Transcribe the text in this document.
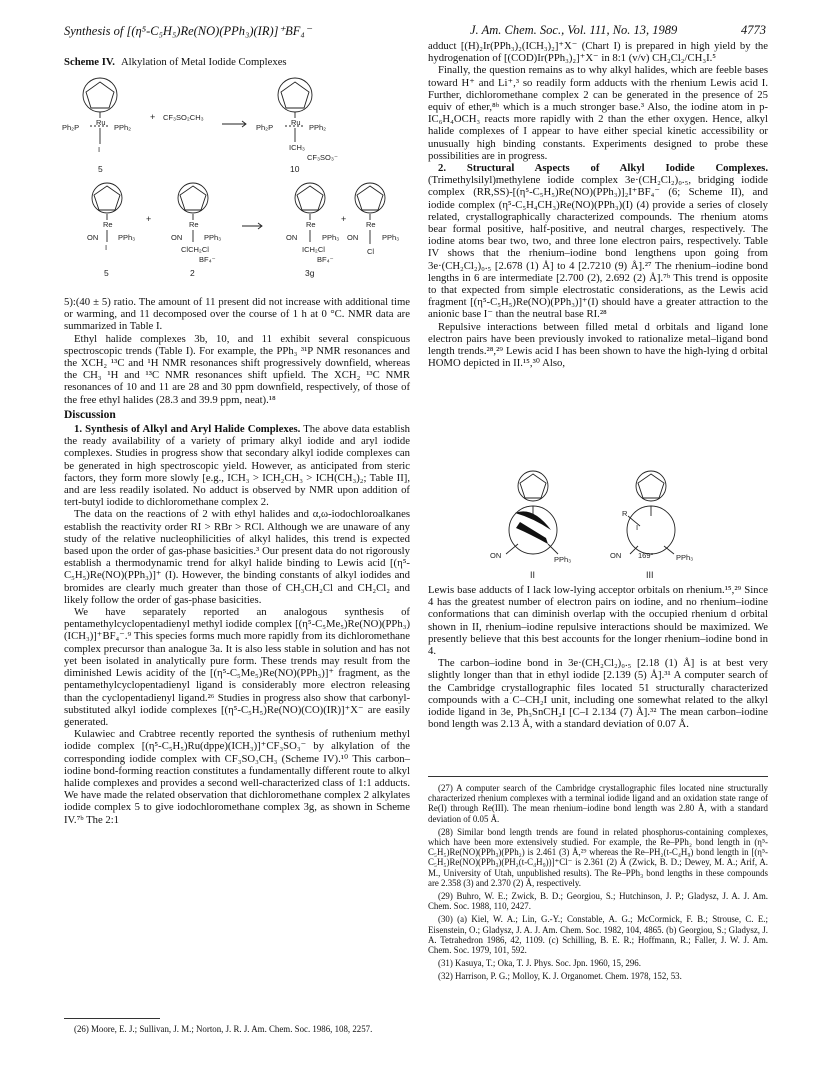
Synthesis of [(η⁵-C₅H₅)Re(NO)(PPh₃)(IR)]⁺BF₄⁻	J. Am. Chem. Soc., Vol. 111, No. 13, 1989	4773
Scheme IV. Alkylation of Metal Iodide Complexes
Ru
Ph₂P	PPh₂
I
5
+ CF₃SO₂CH₃
Ru
Ph₂P	PPh₂
ICH₃
CF₃SO₃⁻
10
Re
ON	PPh₃
I
5
+
Re
ON	PPh₃
ClCH₂Cl
BF₄⁻
2
Re
ON	PPh₃
ICH₂Cl
BF₄⁻
3g
+
Re
ON	PPh₃
Cl

5):(40 ± 5) ratio. The amount of 11 present did not increase with additional time or warming, and 11 decomposed over the course of 1 h at 0 °C. NMR data are summarized in Table I.

Ethyl halide complexes 3b, 10, and 11 exhibit several conspicuous spectroscopic trends (Table I). For example, the PPh₃ ³¹P NMR resonances and the XCH₂ ¹³C and ¹H NMR resonances shift progressively downfield, whereas the CH₃ ¹H and ¹³C NMR resonances shift upfield. The XCH₂ ¹³C NMR resonances of 10 and 11 are 28 and 30 ppm downfield, respectively, of those of the free ethyl halides (28.3 and 39.9 ppm, neat).¹⁸

Discussion

1. Synthesis of Alkyl and Aryl Halide Complexes. The above data establish the ready availability of a variety of primary alkyl iodide and aryl iodide complexes. Studies in progress show that secondary alkyl iodide complexes can be generated in high spectroscopic yield. However, as anticipated from steric factors, they form more slowly [e.g., ICH₃ > ICH₂CH₃ > ICH(CH₃)₂; Table II], and are less readily isolated. No adduct is observed by NMR upon addition of tert-butyl iodide to dichloromethane complex 2.

The data on the reactions of 2 with ethyl halides and α,ω-iodochloroalkanes establish the reactivity order RI > RBr > RCl. Although we are unaware of any study of the relative nucleophilicities of alkyl halides, this trend is expected based upon the order of gas-phase basicities.³ Our present data do not rigorously establish a thermodynamic trend for alkyl halide binding to Lewis acid [(η⁵-C₅H₅)Re(NO)(PPh₃)]⁺ (I). However, the binding constants of alkyl iodides and bromides are clearly much greater than those of CH₃CH₂Cl and CH₂Cl₂ and likely follow the order of gas-phase basicities.

We have separately reported an analogous synthesis of pentamethylcyclopentadienyl methyl iodide complex [(η⁵-C₅Me₅)Re(NO)(PPh₃)(ICH₃)]⁺BF₄⁻.⁹ This species forms much more rapidly from its dichloromethane complex precursor than analogue 3a. It is also less stable in solution and has not yet been isolated in analytically pure form. These trends may result from the diminished Lewis acidity of the [(η⁵-C₅Me₅)Re(NO)(PPh₃)]⁺ fragment, as the pentamethylcyclopentadienyl ligand is considerably more electron releasing than the cyclopentadienyl ligand.²⁶ Studies in progress also show that carbonyl-substituted alkyl iodide complexes [(η⁵-C₅H₅)Re(NO)(CO)(IR)]⁺X⁻ are easily generated.

Kulawiec and Crabtree recently reported the synthesis of ruthenium methyl iodide complex [(η⁵-C₅H₅)Ru(dppe)(ICH₃)]⁺CF₃SO₃⁻ by alkylation of the corresponding iodide complex with CF₃SO₃CH₃ (Scheme IV).¹⁰ This carbon–iodine bond-forming reaction constitutes a fundamentally different route to alkyl halide complexes and provides a second well-characterized class of 1:1 adducts. We have made the related observation that dichloromethane complex 2 alkylates iodide complex 5 to give iodochloromethane complex 3g, as shown in Scheme IV.⁷ᵇ The 2:1

(26) Moore, E. J.; Sullivan, J. M.; Norton, J. R. J. Am. Chem. Soc. 1986, 108, 2257.

adduct [(H)₂Ir(PPh₃)₂(ICH₃)₂]⁺X⁻ (Chart I) is prepared in high yield by the hydrogenation of [(COD)Ir(PPh₃)₂]⁺X⁻ in 8:1 (v/v) CH₂Cl₂/CH₃I.⁵

Finally, the question remains as to why alkyl halides, which are feeble bases toward H⁺ and Li⁺,³ so readily form adducts with the rhenium Lewis acid I. Further, dichloromethane complex 2 can be generated in the presence of 25 equiv of ether,⁸ᵇ which is a much stronger base.³ Also, the iodine atom in p-IC₆H₄OCH₃ reacts more rapidly with 2 than the ether oxygen. Hence, alkyl halide complexes of I appear to have either special kinetic accessibility or unusually high binding constants. Experiments designed to probe these possibilities are in progress.

2. Structural Aspects of Alkyl Iodide Complexes. (Trimethylsilyl)methylene iodide complex 3e·(CH₂Cl₂)₀.₅, bridging iodide complex (RR,SS)-[(η⁵-C₅H₅)Re(NO)(PPh₃)]₂I⁺BF₄⁻ (6; Scheme II), and iodide complex (η⁵-C₅H₄CH₃)Re(NO)(PPh₃)(I) (4) provide a series of closely related, crystallographically characterized compounds. The rhenium atoms bear formal positive, half-positive, and neutral charges, respectively. The iodine atoms bear two, two, and three lone electron pairs, respectively. Table IV shows that the rhenium–iodine bond lengthens upon going from 3e·(CH₂Cl₂)₀.₅ [2.678 (1) Å] to 4 [2.7210 (9) Å].²⁷ The rhenium–iodine bond lengths in 6 are intermediate [2.700 (2), 2.692 (2) Å].⁷ᵇ This trend is opposite to that expected from simple electrostatic considerations, as the Lewis acid fragment [(η⁵-C₅H₅)Re(NO)(PPh₃)]⁺(I) should have a greater attraction to the anionic base I⁻ than the neutral base RI.²⁸

Repulsive interactions between filled metal d orbitals and ligand lone electron pairs have been previously invoked to rationalize metal–ligand bond length trends.²⁸,²⁹ Lewis acid I has been shown to have the high-lying d orbital HOMO depicted in II.¹⁵,³⁰ Also,

ON	PPh₃
R
I
ON 169°	PPh₃
II	III

Lewis base adducts of I lack low-lying acceptor orbitals on rhenium.¹⁵,²⁹ Since 4 has the greatest number of electron pairs on iodine, and no rhenium–iodine conformations that can diminish overlap with the occupied rhenium d orbital shown in II, rhenium–iodine repulsive interactions should be maximized. We presently believe that this best accounts for the longer rhenium–iodine bond in 4.

The carbon–iodine bond in 3e·(CH₂Cl₂)₀.₅ [2.18 (1) Å] is at best very slightly longer than that in ethyl iodide [2.139 (5) Å].³¹ A computer search of the Cambridge crystallographic files located 51 structurally characterized compounds with a C–CH₂I unit, including one somewhat related to the alkyl iodide ligand in 3e, Ph₃SnCH₂I [C–I 2.134 (7) Å].³² The mean carbon–iodine bond length was 2.13 Å, with a standard deviation of 0.07 Å.

(27) A computer search of the Cambridge crystallographic files located nine structurally characterized rhenium complexes with a terminal iodide ligand and an oxidation state range of Re(I) through Re(III). The mean rhenium–iodine bond length was 2.80 Å, with a standard deviation of 0.05 Å.

(28) Similar bond length trends are found in related phosphorus-containing complexes, which have been more extensively studied. For example, the Re–PPh₂ bond length in (η⁵-C₅H₅)Re(NO)(PPh₃)(PPh₂) is 2.461 (3) Å,²⁹ whereas the Re–PH₂(t-C₄H₉) bond length in [(η⁵-C₅H₅)Re(NO)(PPh₃)(PH₂(t-C₄H₉))]⁺Cl⁻ is 2.361 (2) Å (Zwick, B. D.; Dewey, M. A.; Arif, A. M., University of Utah, unpublished results). The Re–PPh₃ bond lengths in these compounds are 2.358 (3) and 2.370 (2) Å, respectively.

(29) Buhro, W. E.; Zwick, B. D.; Georgiou, S.; Hutchinson, J. P.; Gladysz, J. A. J. Am. Chem. Soc. 1988, 110, 2427.

(30) (a) Kiel, W. A.; Lin, G.-Y.; Constable, A. G.; McCormick, F. B.; Strouse, C. E.; Eisenstein, O.; Gladysz, J. A. J. Am. Chem. Soc. 1982, 104, 4865. (b) Georgiou, S.; Gladysz, J. A. Tetrahedron 1986, 42, 1109. (c) Schilling, B. E. R.; Hoffmann, R.; Faller, J. W. J. Am. Chem. Soc. 1979, 101, 592.

(31) Kasuya, T.; Oka, T. J. Phys. Soc. Jpn. 1960, 15, 296.

(32) Harrison, P. G.; Molloy, K. J. Organomet. Chem. 1978, 152, 53.
